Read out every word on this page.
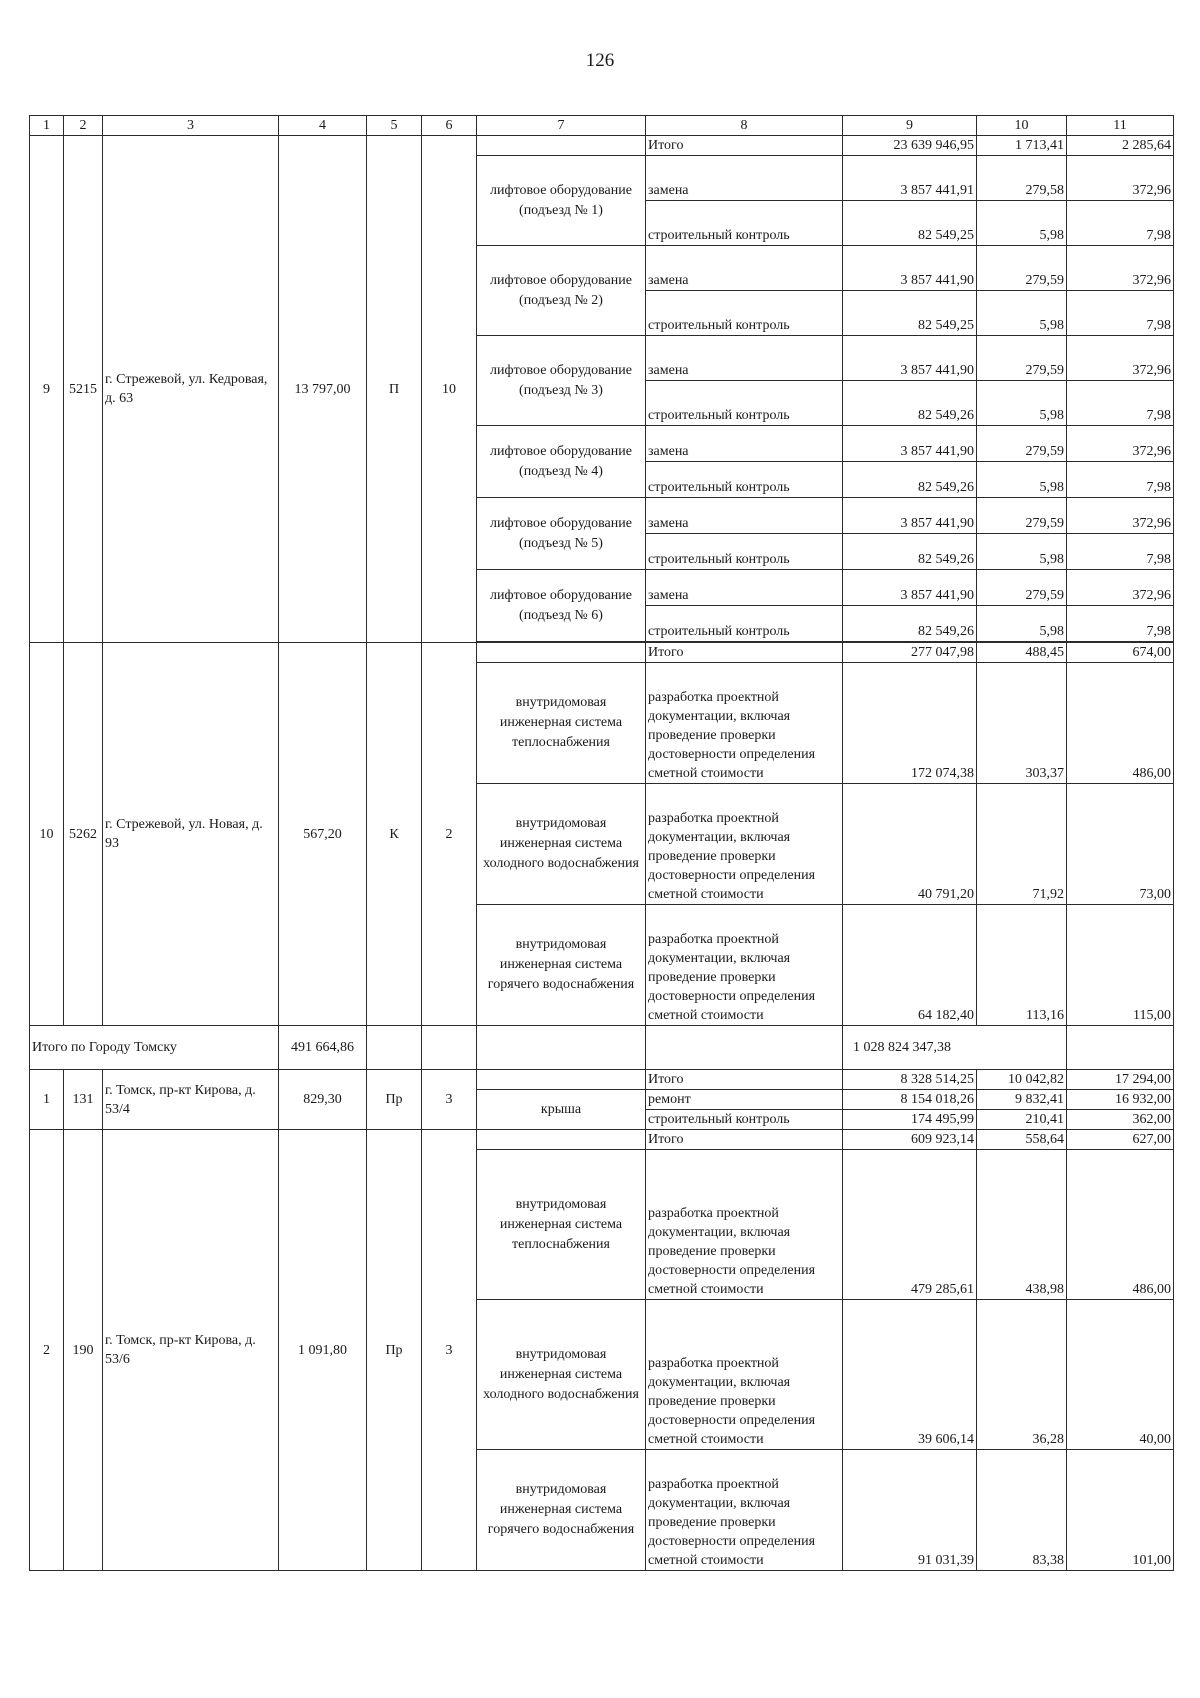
126
1	2	3	4	5	6	7	8	9	10	11
9	5215	г. Стрежевой, ул. Кедровая, д. 63	13 797,00	П	10		Итого	23 639 946,95	1 713,41	2 285,64
						лифтовое оборудование (подъезд № 1)	замена	3 857 441,91	279,58	372,96
							строительный контроль	82 549,25	5,98	7,98
						лифтовое оборудование (подъезд № 2)	замена	3 857 441,90	279,59	372,96
							строительный контроль	82 549,25	5,98	7,98
						лифтовое оборудование (подъезд № 3)	замена	3 857 441,90	279,59	372,96
							строительный контроль	82 549,26	5,98	7,98
						лифтовое оборудование (подъезд № 4)	замена	3 857 441,90	279,59	372,96
							строительный контроль	82 549,26	5,98	7,98
						лифтовое оборудование (подъезд № 5)	замена	3 857 441,90	279,59	372,96
							строительный контроль	82 549,26	5,98	7,98
						лифтовое оборудование (подъезд № 6)	замена	3 857 441,90	279,59	372,96
							строительный контроль	82 549,26	5,98	7,98

10	5262	г. Стрежевой, ул. Новая, д. 93	567,20	К	2		Итого	277 047,98	488,45	674,00
						внутридомовая инженерная система теплоснабжения	разработка проектной документации, включая проведение проверки достоверности определения сметной стоимости	172 074,38	303,37	486,00
						внутридомовая инженерная система холодного водоснабжения	разработка проектной документации, включая проведение проверки достоверности определения сметной стоимости	40 791,20	71,92	73,00
						внутридомовая инженерная система горячего водоснабжения	разработка проектной документации, включая проведение проверки достоверности определения сметной стоимости	64 182,40	113,16	115,00
Итого по Городу Томску			491 664,86					1 028 824 347,38		
1	131	г. Томск, пр-кт Кирова, д. 53/4	829,30	Пр	3		Итого	8 328 514,25	10 042,82	17 294,00
						крыша	ремонт	8 154 018,26	9 832,41	16 932,00
							строительный контроль	174 495,99	210,41	362,00
2	190	г. Томск, пр-кт Кирова, д. 53/6	1 091,80	Пр	3		Итого	609 923,14	558,64	627,00
						внутридомовая инженерная система теплоснабжения	разработка проектной документации, включая проведение проверки достоверности определения сметной стоимости	479 285,61	438,98	486,00
						внутридомовая инженерная система холодного водоснабжения	разработка проектной документации, включая проведение проверки достоверности определения сметной стоимости	39 606,14	36,28	40,00
						внутридомовая инженерная система горячего водоснабжения	разработка проектной документации, включая проведение проверки достоверности определения сметной стоимости	91 031,39	83,38	101,00
